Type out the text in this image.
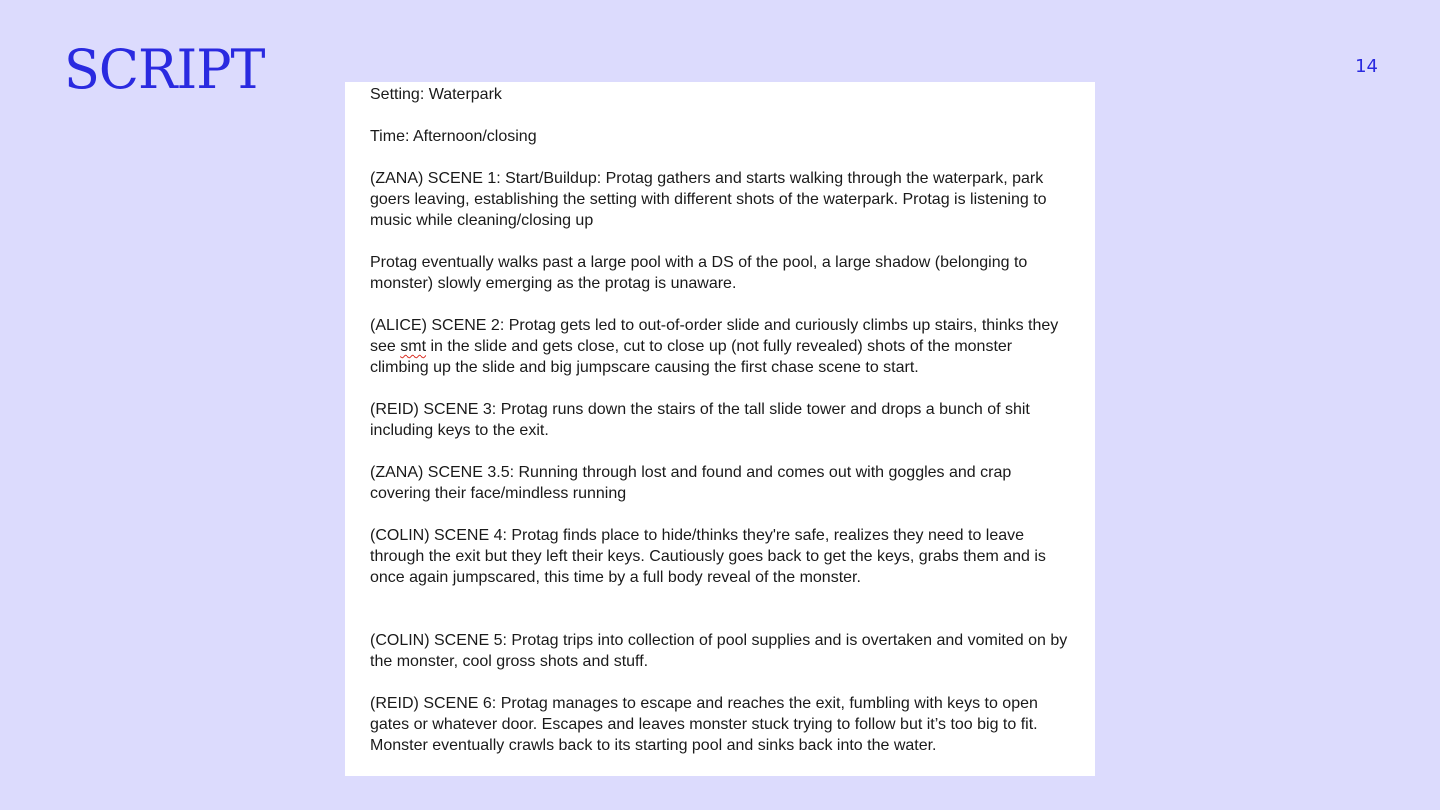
SCRIPT	14

Setting: Waterpark

Time: Afternoon/closing

(ZANA) SCENE 1: Start/Buildup: Protag gathers and starts walking through the waterpark, park goers leaving, establishing the setting with different shots of the waterpark. Protag is listening to music while cleaning/closing up

Protag eventually walks past a large pool with a DS of the pool, a large shadow (belonging to monster) slowly emerging as the protag is unaware.

(ALICE) SCENE 2: Protag gets led to out-of-order slide and curiously climbs up stairs, thinks they see smt in the slide and gets close, cut to close up (not fully revealed) shots of the monster climbing up the slide and big jumpscare causing the first chase scene to start.

(REID) SCENE 3: Protag runs down the stairs of the tall slide tower and drops a bunch of shit including keys to the exit.

(ZANA) SCENE 3.5: Running through lost and found and comes out with goggles and crap covering their face/mindless running

(COLIN) SCENE 4: Protag finds place to hide/thinks they're safe, realizes they need to leave through the exit but they left their keys. Cautiously goes back to get the keys, grabs them and is once again jumpscared, this time by a full body reveal of the monster.

(COLIN) SCENE 5: Protag trips into collection of pool supplies and is overtaken and vomited on by the monster, cool gross shots and stuff.

(REID) SCENE 6: Protag manages to escape and reaches the exit, fumbling with keys to open gates or whatever door. Escapes and leaves monster stuck trying to follow but it’s too big to fit. Monster eventually crawls back to its starting pool and sinks back into the water.
